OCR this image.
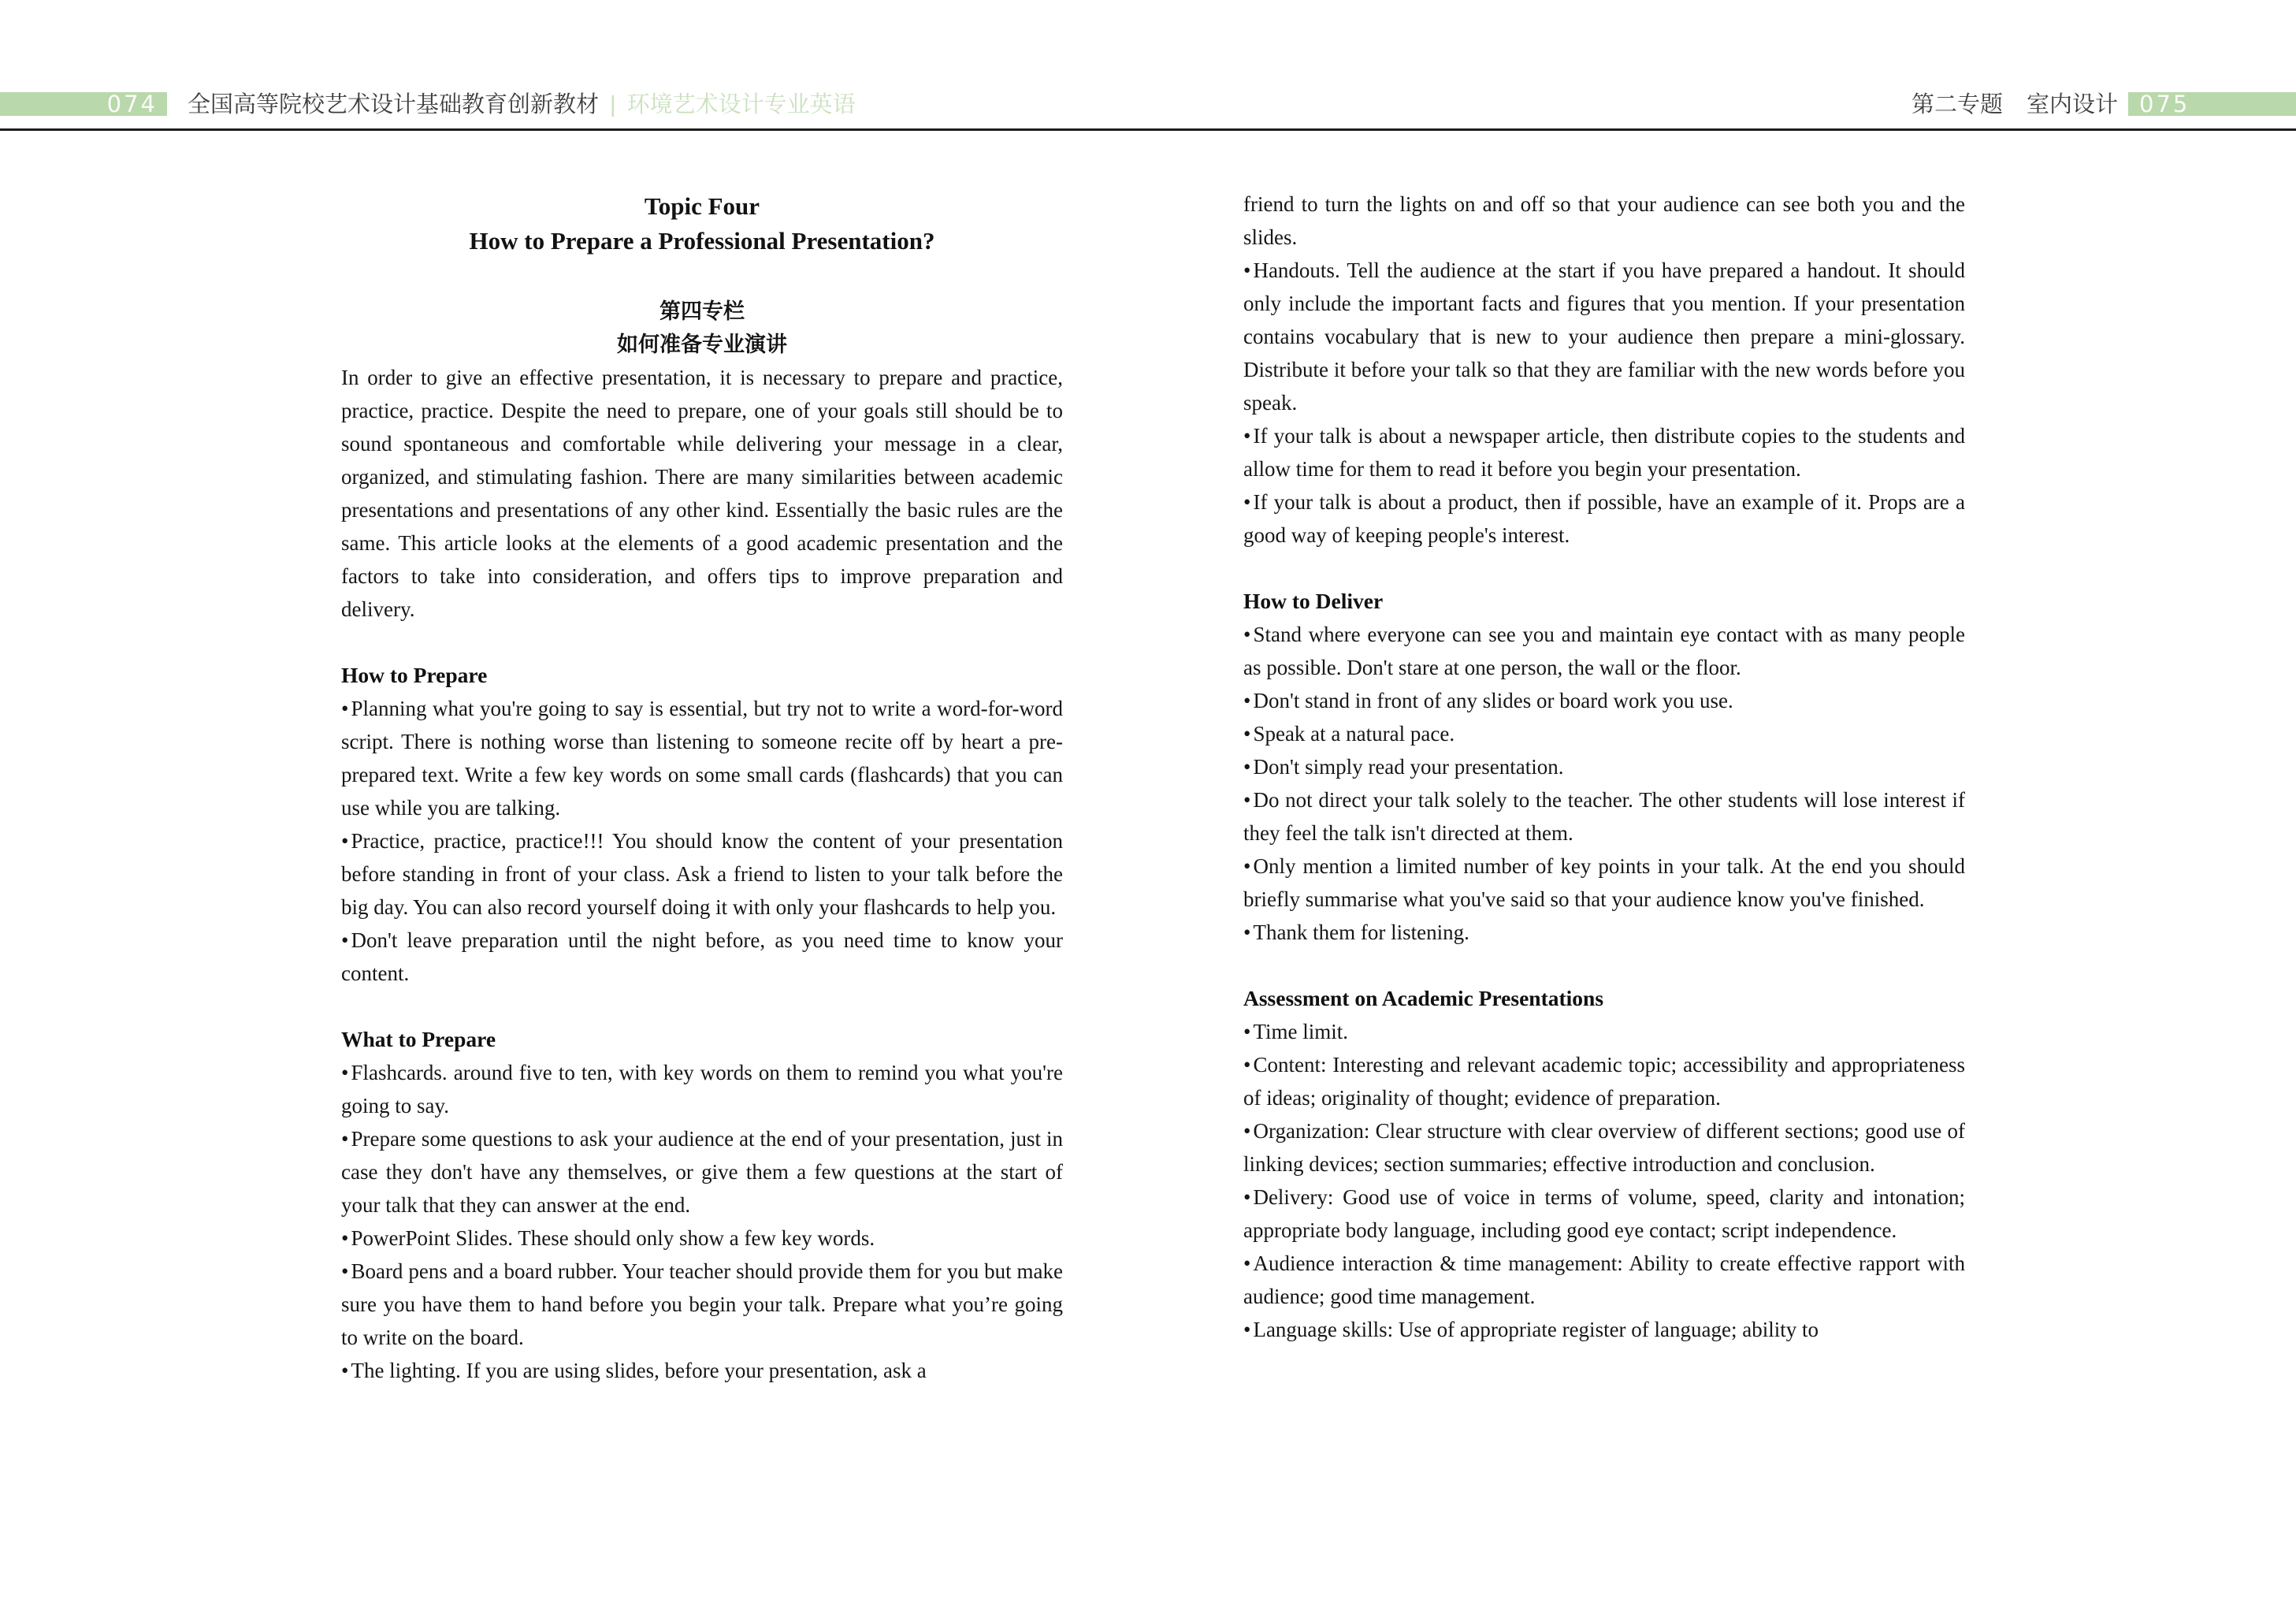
074	全国高等院校艺术设计基础教育创新教材 | 环境艺术设计专业英语	第二专题 室内设计 075
Topic Four
How to Prepare a Professional Presentation?
第四专栏
如何准备专业演讲

In order to give an effective presentation, it is necessary to prepare and practice, practice, practice. Despite the need to prepare, one of your goals still should be to sound spontaneous and comfortable while delivering your message in a clear, organized, and stimulating fashion. There are many similarities between academic presentations and presentations of any other kind. Essentially the basic rules are the same. This article looks at the elements of a good academic presentation and the factors to take into consideration, and offers tips to improve preparation and delivery.

How to Prepare

• Planning what you're going to say is essential, but try not to write a word-for-word script. There is nothing worse than listening to someone recite off by heart a pre-prepared text. Write a few key words on some small cards (flashcards) that you can use while you are talking.

• Practice, practice, practice!!! You should know the content of your presentation before standing in front of your class. Ask a friend to listen to your talk before the big day. You can also record yourself doing it with only your flashcards to help you.

• Don't leave preparation until the night before, as you need time to know your content.

What to Prepare

• Flashcards. around five to ten, with key words on them to remind you what you're going to say.

• Prepare some questions to ask your audience at the end of your presentation, just in case they don't have any themselves, or give them a few questions at the start of your talk that they can answer at the end.

• PowerPoint Slides. These should only show a few key words.

• Board pens and a board rubber. Your teacher should provide them for you but make sure you have them to hand before you begin your talk. Prepare what you’re going to write on the board.

• The lighting. If you are using slides, before your presentation, ask a

friend to turn the lights on and off so that your audience can see both you and the slides.

• Handouts. Tell the audience at the start if you have prepared a handout. It should only include the important facts and figures that you mention. If your presentation contains vocabulary that is new to your audience then prepare a mini-glossary. Distribute it before your talk so that they are familiar with the new words before you speak.

• If your talk is about a newspaper article, then distribute copies to the students and allow time for them to read it before you begin your presentation.

• If your talk is about a product, then if possible, have an example of it. Props are a good way of keeping people's interest.

How to Deliver

• Stand where everyone can see you and maintain eye contact with as many people as possible. Don't stare at one person, the wall or the floor.

• Don't stand in front of any slides or board work you use.

• Speak at a natural pace.

• Don't simply read your presentation.

• Do not direct your talk solely to the teacher. The other students will lose interest if they feel the talk isn't directed at them.

• Only mention a limited number of key points in your talk. At the end you should briefly summarise what you've said so that your audience know you've finished.

• Thank them for listening.

Assessment on Academic Presentations

• Time limit.

• Content: Interesting and relevant academic topic; accessibility and appropriateness of ideas; originality of thought; evidence of preparation.

• Organization: Clear structure with clear overview of different sections; good use of linking devices; section summaries; effective introduction and conclusion.

• Delivery: Good use of voice in terms of volume, speed, clarity and intonation; appropriate body language, including good eye contact; script independence.

• Audience interaction & time management: Ability to create effective rapport with audience; good time management.

• Language skills: Use of appropriate register of language; ability to
